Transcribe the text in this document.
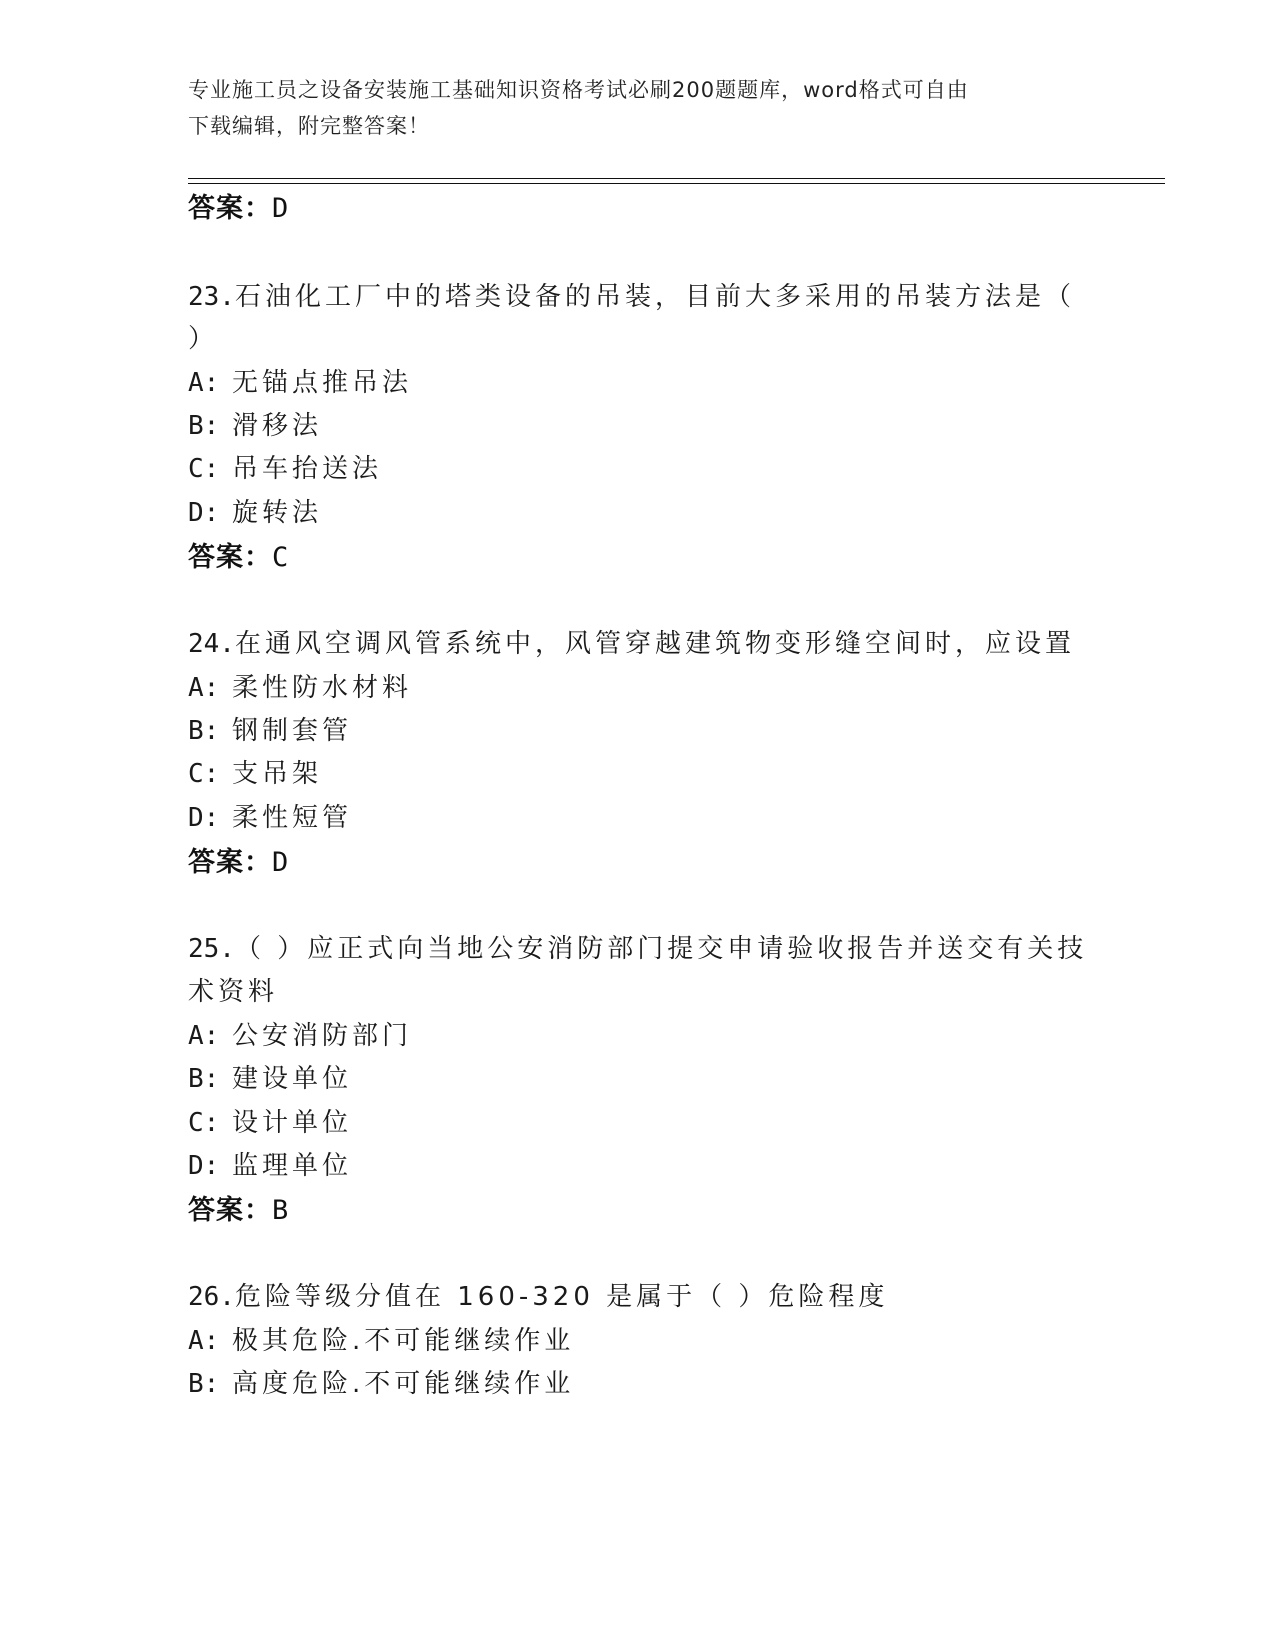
专业施工员之设备安装施工基础知识资格考试必刷200题题库，word格式可自由
下载编辑，附完整答案！
答案：D
23.石油化工厂中的塔类设备的吊装，目前大多采用的吊装方法是（
）
A: 无锚点推吊法
B: 滑移法
C: 吊车抬送法
D: 旋转法
答案：C
24.在通风空调风管系统中，风管穿越建筑物变形缝空间时，应设置
A: 柔性防水材料
B: 钢制套管
C: 支吊架
D: 柔性短管
答案：D
25.（ ）应正式向当地公安消防部门提交申请验收报告并送交有关技
术资料
A: 公安消防部门
B: 建设单位
C: 设计单位
D: 监理单位
答案：B
26.危险等级分值在 160-320 是属于（ ）危险程度
A: 极其危险.不可能继续作业
B: 高度危险.不可能继续作业
